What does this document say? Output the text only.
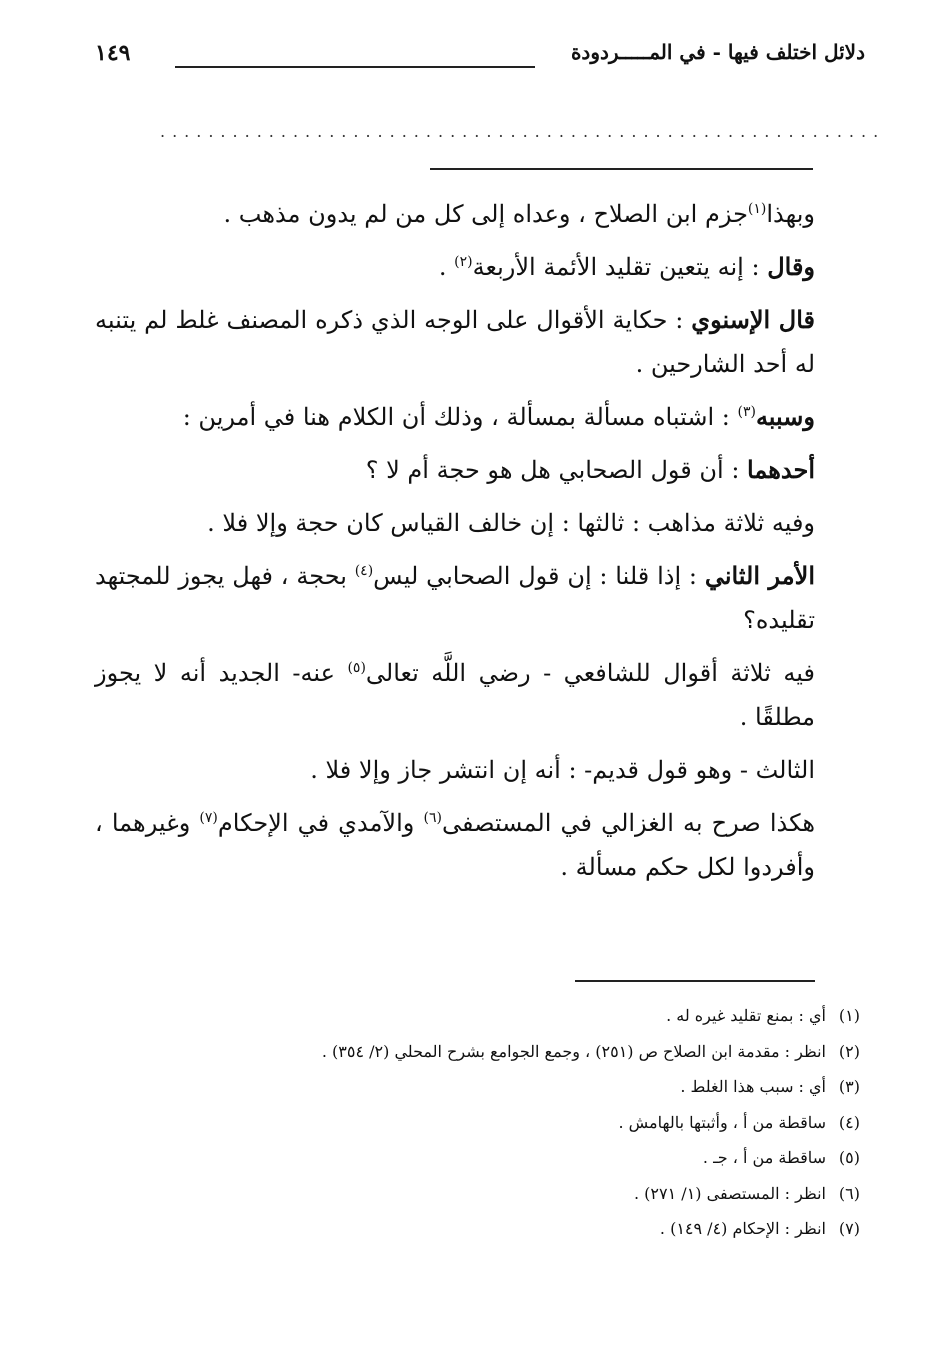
دلائل اختلف فيها - في المـــــردودة
١٤٩
............................................................

وبهذا$^{(١)}$جزم ابن الصلاح ، وعداه إلى كل من لم يدون مذهب .

وقال : إنه يتعين تقليد الأئمة الأربعة$^{(٢)}$ .

قال الإسنوي : حكاية الأقوال على الوجه الذي ذكره المصنف غلط لم يتنبه له أحد الشارحين .

وسببه$^{(٣)}$ : اشتباه مسألة بمسألة ، وذلك أن الكلام هنا في أمرين :

أحدهما : أن قول الصحابي هل هو حجة أم لا ؟

وفيه ثلاثة مذاهب : ثالثها : إن خالف القياس كان حجة وإلا فلا .

الأمر الثاني : إذا قلنا : إن قول الصحابي ليس$^{(٤)}$ بحجة ، فهل يجوز للمجتهد تقليده؟

فيه ثلاثة أقوال للشافعي - رضي اللَّه تعالى$^{(٥)}$ عنه- الجديد أنه لا يجوز مطلقًا .

الثالث - وهو قول قديم- : أنه إن انتشر جاز وإلا فلا .

هكذا صرح به الغزالي في المستصفى$^{(٦)}$ والآمدي في الإحكام$^{(٧)}$ وغيرهما ، وأفردوا لكل حكم مسألة .

(١)أي : بمنع تقليد غيره له .
(٢)انظر : مقدمة ابن الصلاح ص (٢٥١) ، وجمع الجوامع بشرح المحلي (٢/ ٣٥٤) .
(٣)أي : سبب هذا الغلط .
(٤)ساقطة من أ ، وأثبتها بالهامش .
(٥)ساقطة من أ ، جـ .
(٦)انظر : المستصفى (١/ ٢٧١) .
(٧)انظر : الإحكام (٤/ ١٤٩) .
